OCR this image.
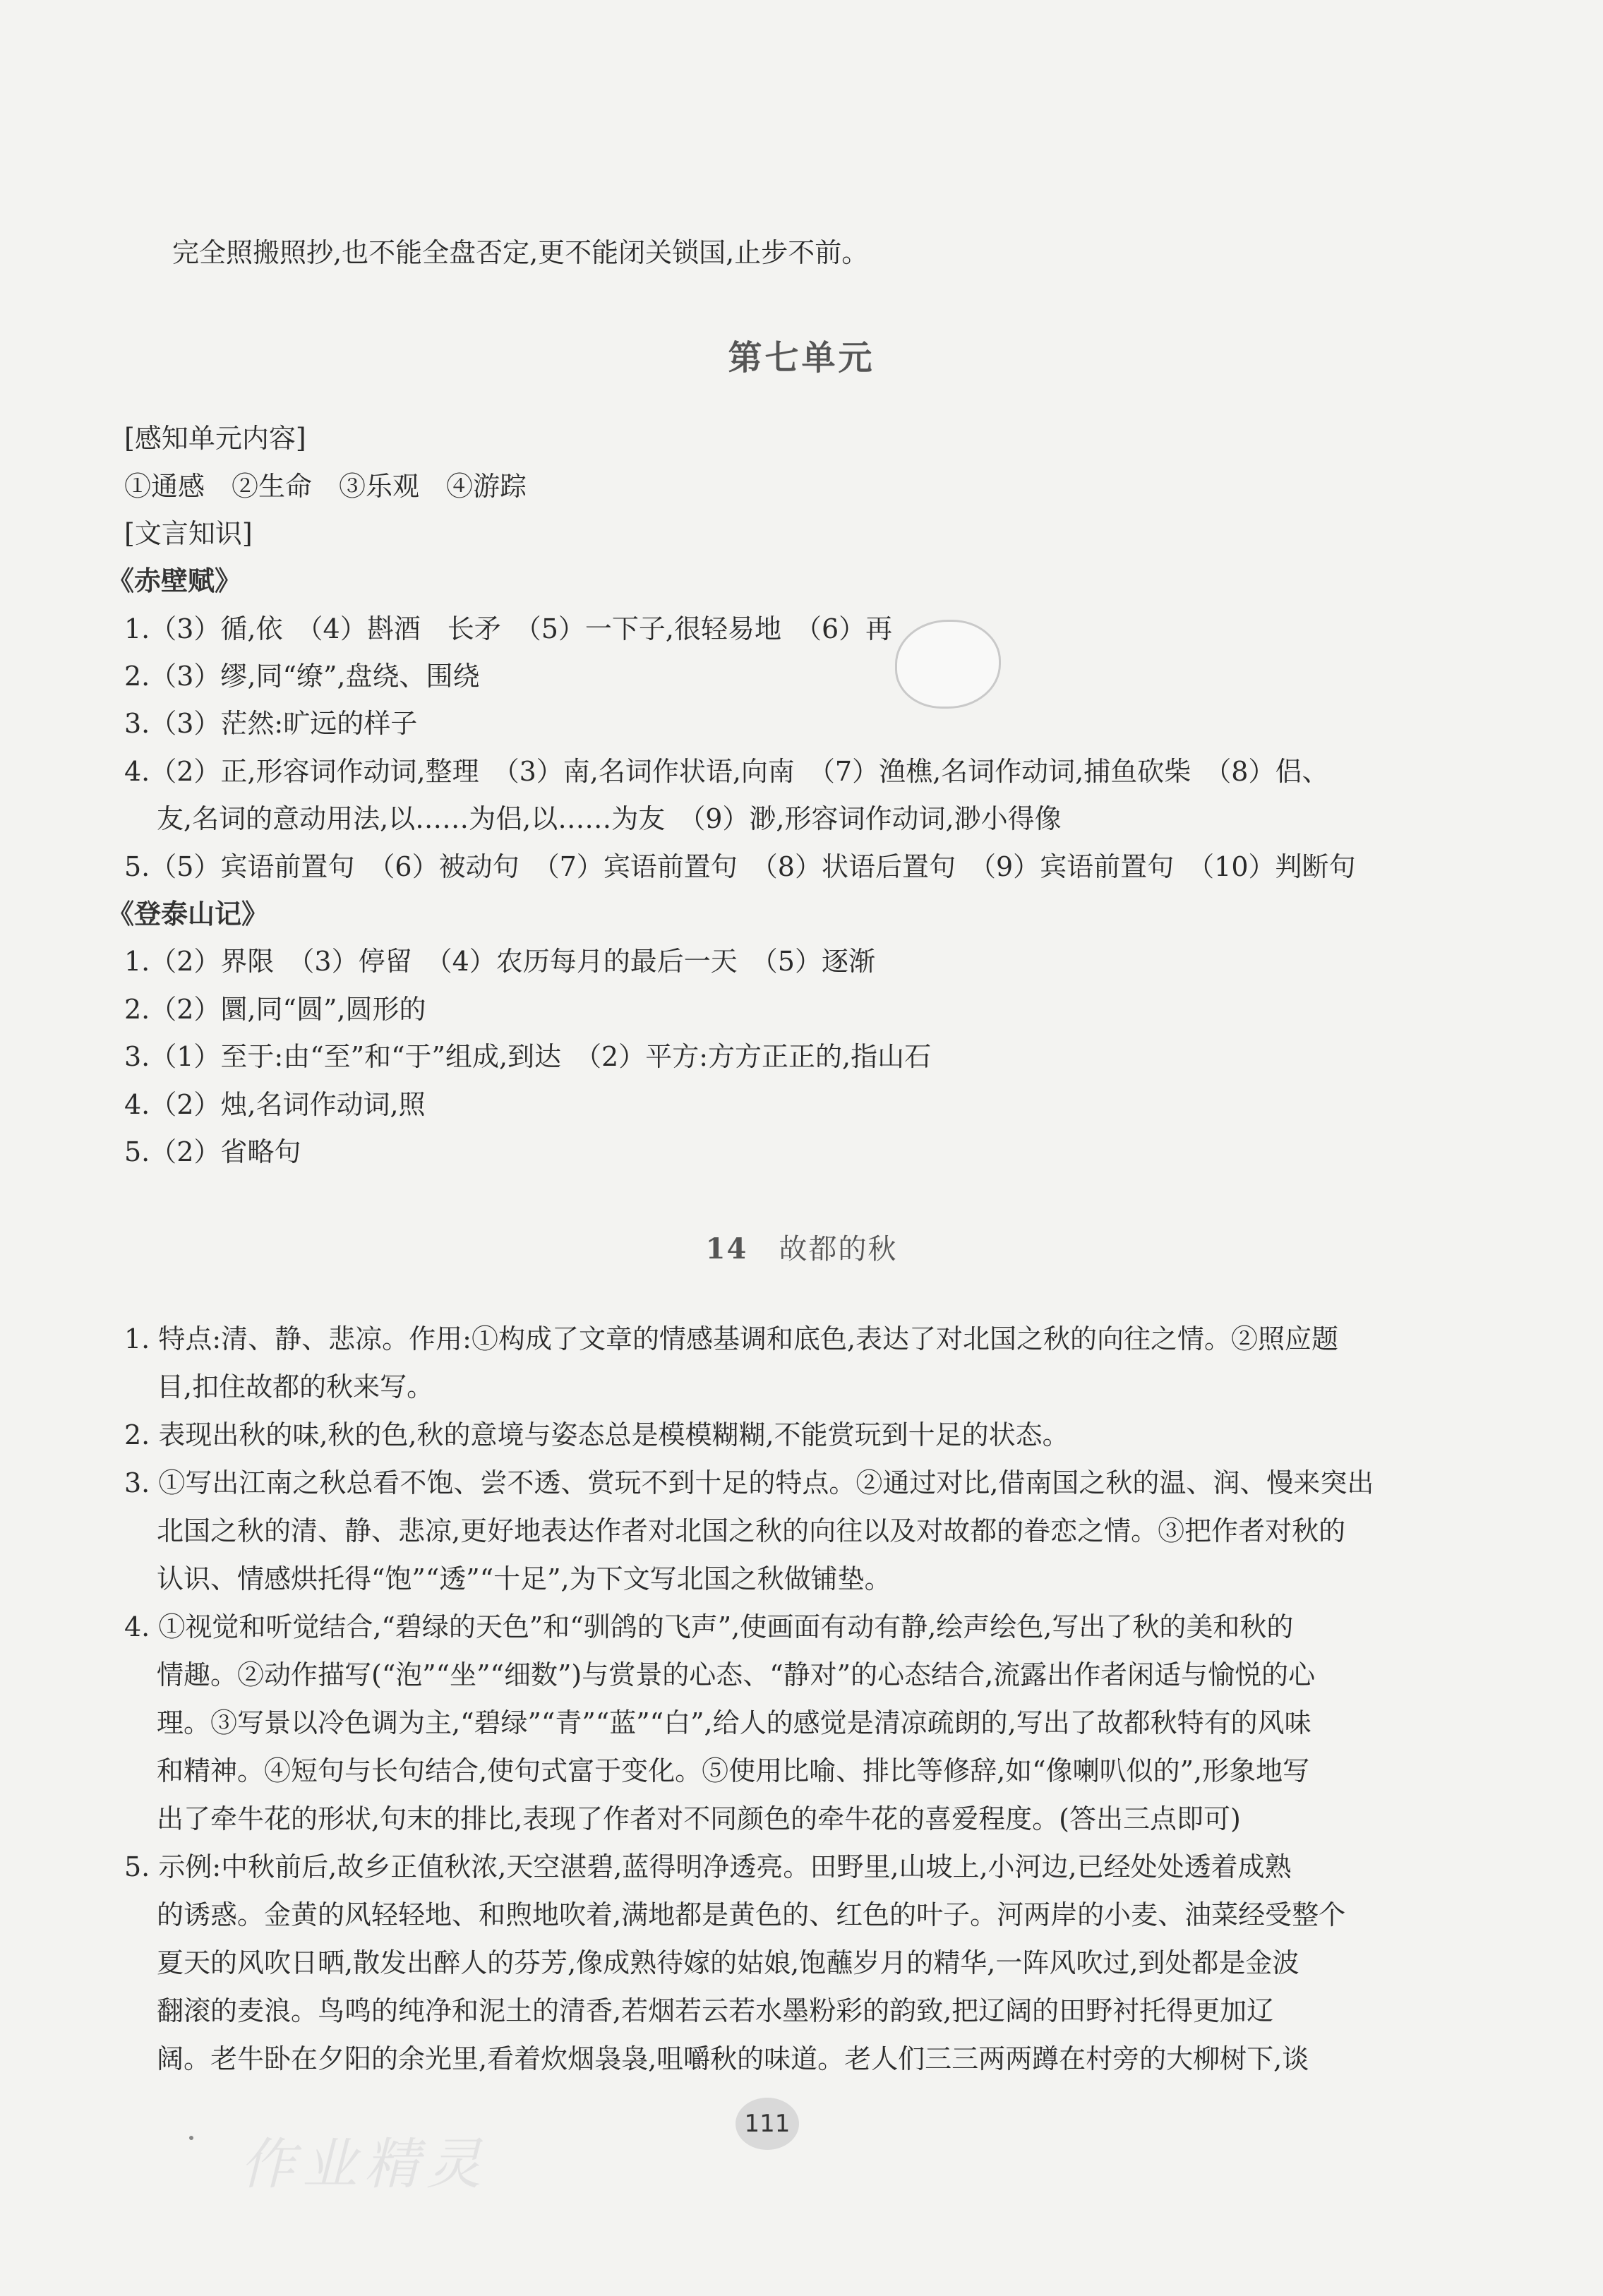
完全照搬照抄,也不能全盘否定,更不能闭关锁国,止步不前。
第七单元
[感知单元内容]
①通感　②生命　③乐观　④游踪
[文言知识]
《赤壁赋》
1.（3）循,依　（4）斟酒　长矛　（5）一下子,很轻易地　（6）再
2.（3）缪,同“缭”,盘绕、围绕
3.（3）茫然:旷远的样子
4.（2）正,形容词作动词,整理　（3）南,名词作状语,向南　（7）渔樵,名词作动词,捕鱼砍柴　（8）侣、
友,名词的意动用法,以……为侣,以……为友　（9）渺,形容词作动词,渺小得像
5.（5）宾语前置句　（6）被动句　（7）宾语前置句　（8）状语后置句　（9）宾语前置句　（10）判断句
《登泰山记》
1.（2）界限　（3）停留　（4）农历每月的最后一天　（5）逐渐
2.（2）圜,同“圆”,圆形的
3.（1）至于:由“至”和“于”组成,到达　（2）平方:方方正正的,指山石
4.（2）烛,名词作动词,照
5.（2）省略句
14 故都的秋
1. 特点:清、静、悲凉。作用:①构成了文章的情感基调和底色,表达了对北国之秋的向往之情。②照应题
目,扣住故都的秋来写。
2. 表现出秋的味,秋的色,秋的意境与姿态总是模模糊糊,不能赏玩到十足的状态。
3. ①写出江南之秋总看不饱、尝不透、赏玩不到十足的特点。②通过对比,借南国之秋的温、润、慢来突出
北国之秋的清、静、悲凉,更好地表达作者对北国之秋的向往以及对故都的眷恋之情。③把作者对秋的
认识、情感烘托得“饱”“透”“十足”,为下文写北国之秋做铺垫。
4. ①视觉和听觉结合,“碧绿的天色”和“驯鸽的飞声”,使画面有动有静,绘声绘色,写出了秋的美和秋的
情趣。②动作描写(“泡”“坐”“细数”)与赏景的心态、“静对”的心态结合,流露出作者闲适与愉悦的心
理。③写景以冷色调为主,“碧绿”“青”“蓝”“白”,给人的感觉是清凉疏朗的,写出了故都秋特有的风味
和精神。④短句与长句结合,使句式富于变化。⑤使用比喻、排比等修辞,如“像喇叭似的”,形象地写
出了牵牛花的形状,句末的排比,表现了作者对不同颜色的牵牛花的喜爱程度。(答出三点即可)
5. 示例:中秋前后,故乡正值秋浓,天空湛碧,蓝得明净透亮。田野里,山坡上,小河边,已经处处透着成熟
的诱惑。金黄的风轻轻地、和煦地吹着,满地都是黄色的、红色的叶子。河两岸的小麦、油菜经受整个
夏天的风吹日晒,散发出醉人的芬芳,像成熟待嫁的姑娘,饱蘸岁月的精华,一阵风吹过,到处都是金波
翻滚的麦浪。鸟鸣的纯净和泥土的清香,若烟若云若水墨粉彩的韵致,把辽阔的田野衬托得更加辽
阔。老牛卧在夕阳的余光里,看着炊烟袅袅,咀嚼秋的味道。老人们三三两两蹲在村旁的大柳树下,谈
作业精灵
111
